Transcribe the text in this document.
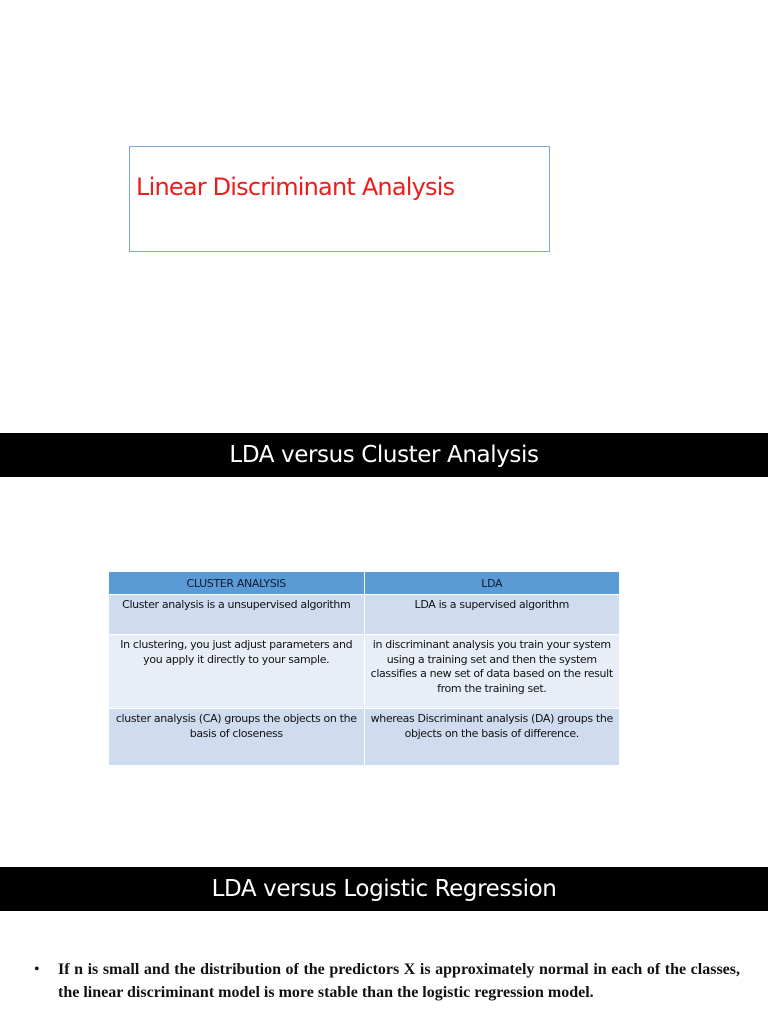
Linear Discriminant Analysis
LDA versus Cluster Analysis
CLUSTER ANALYSIS	LDA
Cluster analysis is a unsupervised algorithm	LDA is a supervised algorithm
In clustering, you just adjust parameters and you apply it directly to your sample.	in discriminant analysis you train your system using a training set and then the system classifies a new set of data based on the result from the training set.
cluster analysis (CA) groups the objects on the basis of closeness	whereas Discriminant analysis (DA) groups the objects on the basis of difference.
LDA versus Logistic Regression
• If n is small and the distribution of the predictors X is approximately normal in each of the classes, the linear discriminant model is more stable than the logistic regression model.
